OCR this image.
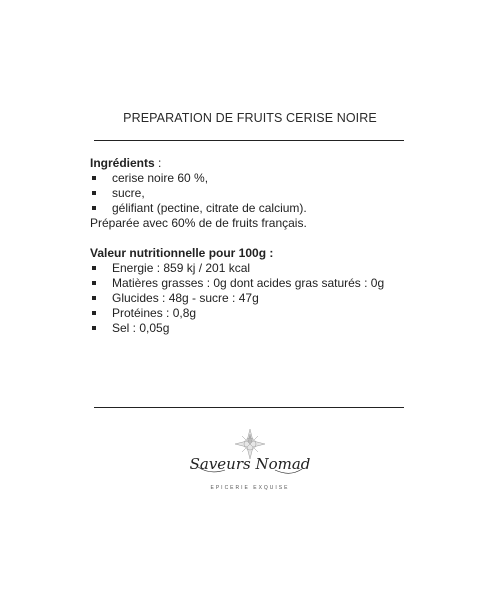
PREPARATION DE FRUITS CERISE NOIRE
Ingrédients :
cerise noire 60 %,
sucre,
gélifiant (pectine, citrate de calcium).
Préparée avec 60% de de fruits français.
Valeur nutritionnelle pour 100g :
Energie : 859 kj / 201 kcal
Matières grasses : 0g dont acides gras saturés : 0g
Glucides : 48g - sucre : 47g
Protéines : 0,8g
Sel : 0,05g
Saveurs Nomad
EPICERIE EXQUISE
